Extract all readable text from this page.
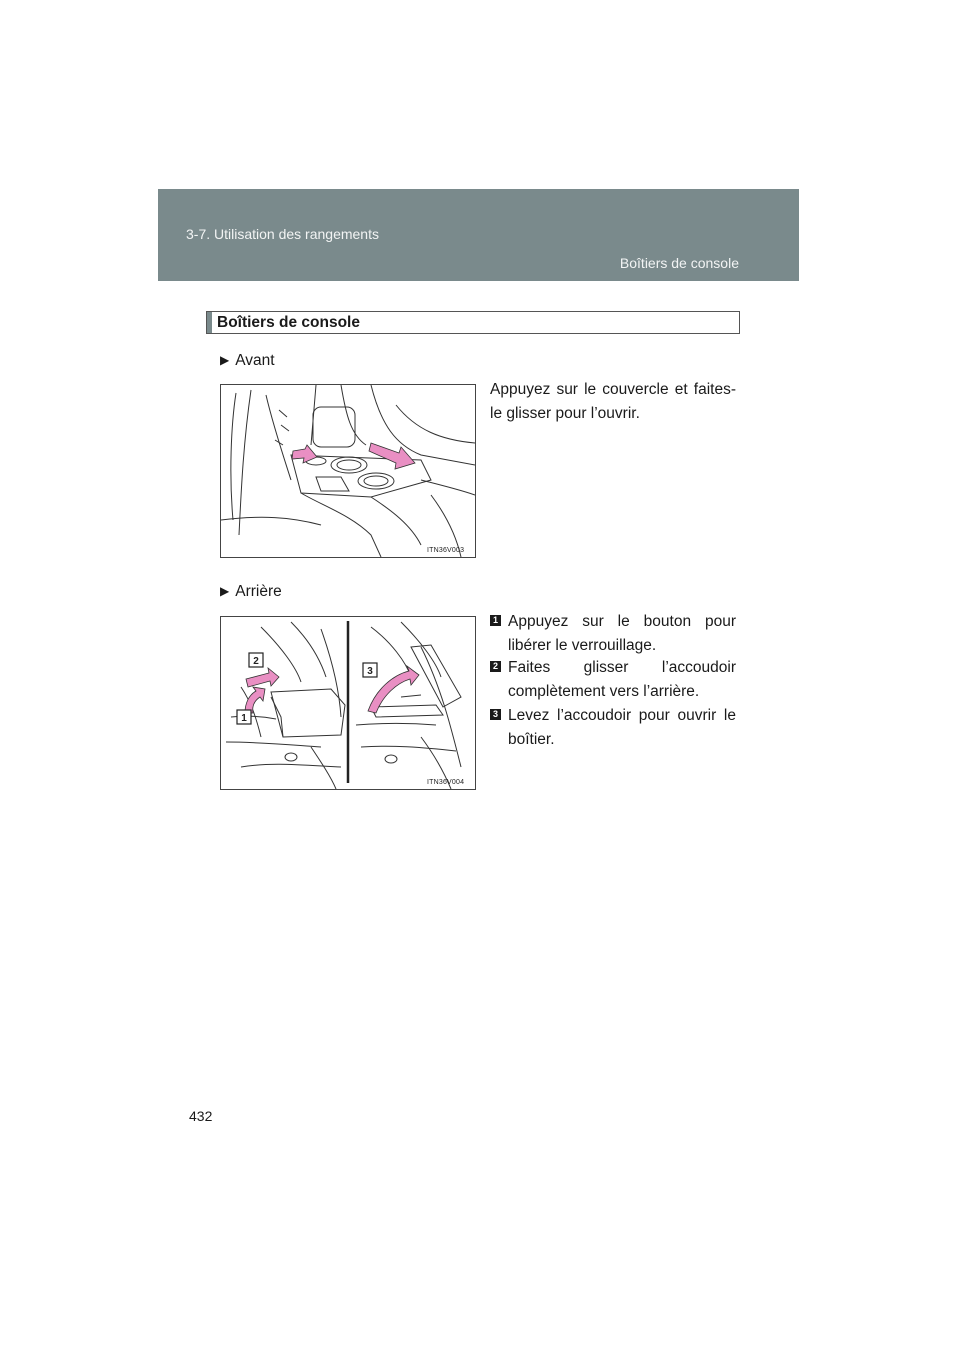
3-7. Utilisation des rangements
Boîtiers de console
Boîtiers de console
▶ Avant
ITN36V003
Appuyez sur le couvercle et faites-le glisser pour l’ouvrir.
▶ Arrière
2
3
1
ITN36V004
1 Appuyez sur le bouton pour libérer le verrouillage.
2 Faites glisser l’accoudoir complètement vers l’arrière.
3 Levez l’accoudoir pour ouvrir le boîtier.
432
